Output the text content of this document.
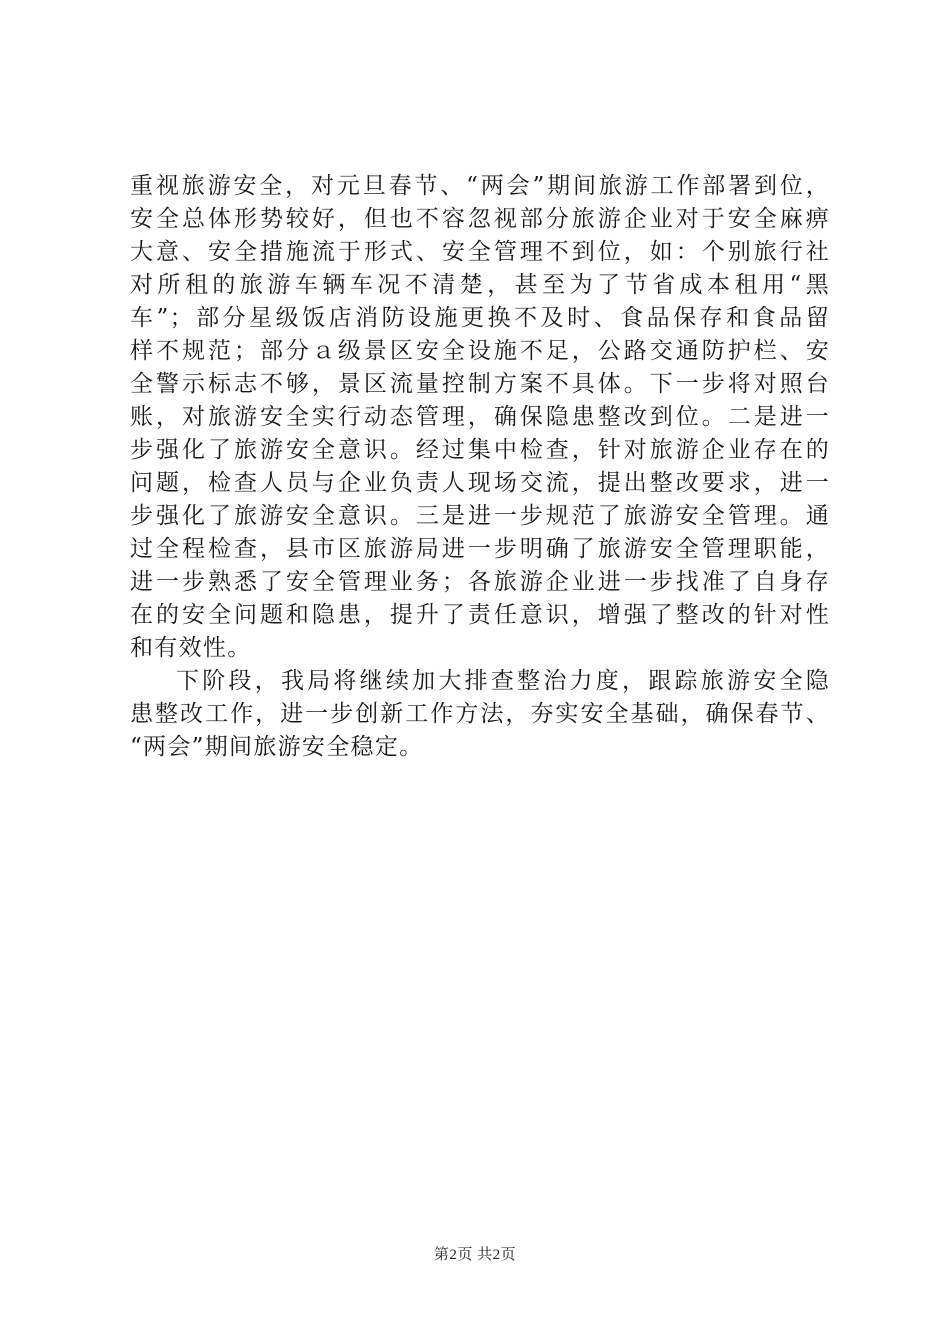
重视旅游安全，对元旦春节、“两会”期间旅游工作部署到位，
安全总体形势较好，但也不容忽视部分旅游企业对于安全麻痹
大意、安全措施流于形式、安全管理不到位，如：个别旅行社
对所租的旅游车辆车况不清楚，甚至为了节省成本租用“黑
车”；部分星级饭店消防设施更换不及时、食品保存和食品留
样不规范；部分ａ级景区安全设施不足，公路交通防护栏、安
全警示标志不够，景区流量控制方案不具体。下一步将对照台
账，对旅游安全实行动态管理，确保隐患整改到位。二是进一
步强化了旅游安全意识。经过集中检查，针对旅游企业存在的
问题，检查人员与企业负责人现场交流，提出整改要求，进一
步强化了旅游安全意识。三是进一步规范了旅游安全管理。通
过全程检查，县市区旅游局进一步明确了旅游安全管理职能，
进一步熟悉了安全管理业务；各旅游企业进一步找准了自身存
在的安全问题和隐患，提升了责任意识，增强了整改的针对性
和有效性。
下阶段，我局将继续加大排查整治力度，跟踪旅游安全隐
患整改工作，进一步创新工作方法，夯实安全基础，确保春节、
“两会”期间旅游安全稳定。
第2页 共2页
